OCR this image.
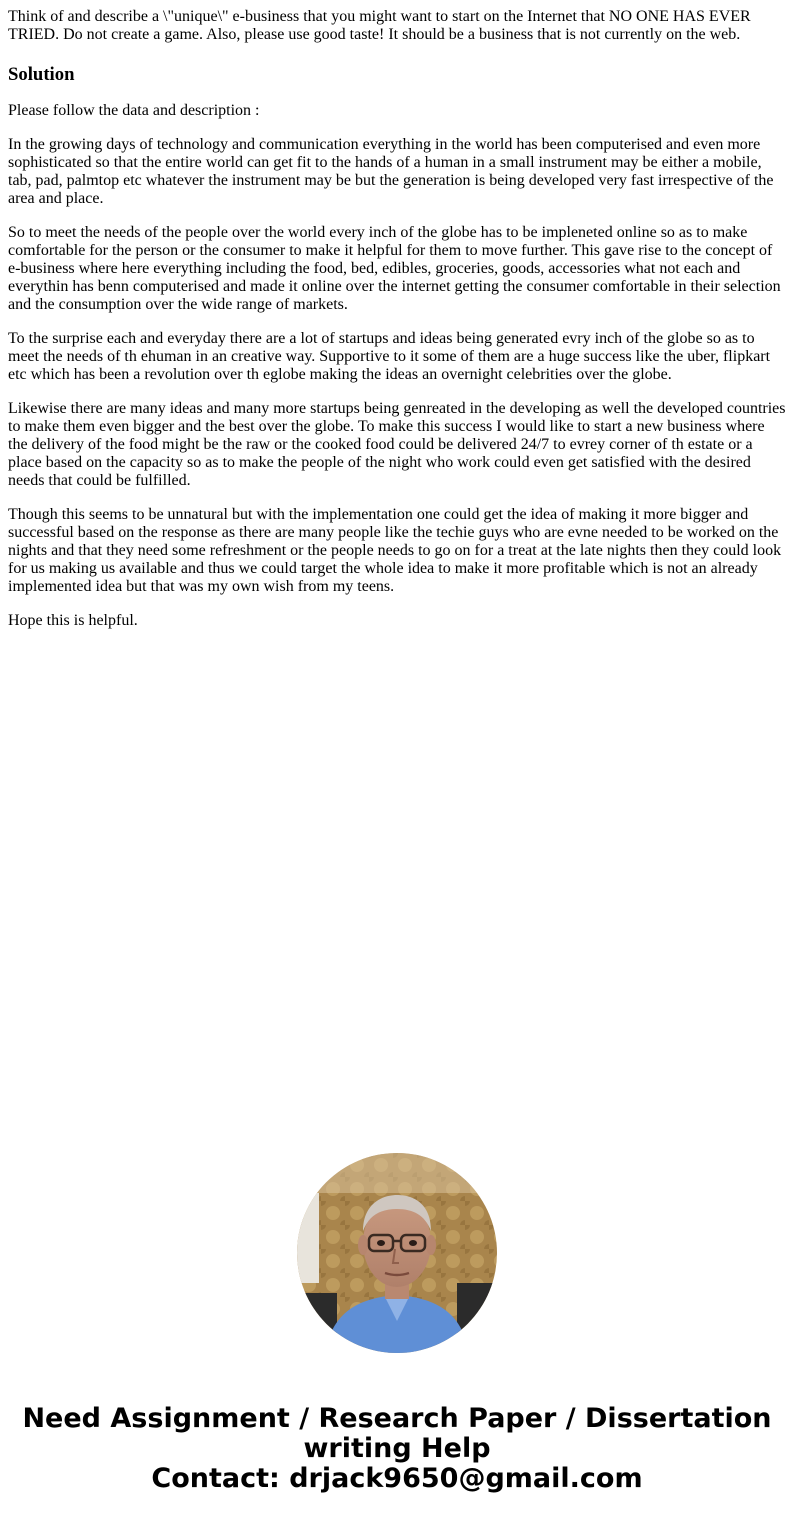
Think of and describe a \"unique\" e-business that you might want to start on the Internet that NO ONE HAS EVER TRIED. Do not create a game. Also, please use good taste! It should be a business that is not currently on the web.
Solution

Please follow the data and description :

In the growing days of technology and communication everything in the world has been computerised and even more sophisticated so that the entire world can get fit to the hands of a human in a small instrument may be either a mobile, tab, pad, palmtop etc whatever the instrument may be but the generation is being developed very fast irrespective of the area and place.

So to meet the needs of the people over the world every inch of the globe has to be impleneted online so as to make comfortable for the person or the consumer to make it helpful for them to move further. This gave rise to the concept of e-business where here everything including the food, bed, edibles, groceries, goods, accessories what not each and everythin has benn computerised and made it online over the internet getting the consumer comfortable in their selection and the consumption over the wide range of markets.

To the surprise each and everyday there are a lot of startups and ideas being generated evry inch of the globe so as to meet the needs of th ehuman in an creative way. Supportive to it some of them are a huge success like the uber, flipkart etc which has been a revolution over th eglobe making the ideas an overnight celebrities over the globe.

Likewise there are many ideas and many more startups being genreated in the developing as well the developed countries to make them even bigger and the best over the globe. To make this success I would like to start a new business where the delivery of the food might be the raw or the cooked food could be delivered 24/7 to evrey corner of th estate or a place based on the capacity so as to make the people of the night who work could even get satisfied with the desired needs that could be fulfilled.

Though this seems to be unnatural but with the implementation one could get the idea of making it more bigger and successful based on the response as there are many people like the techie guys who are evne needed to be worked on the nights and that they need some refreshment or the people needs to go on for a treat at the late nights then they could look for us making us available and thus we could target the whole idea to make it more profitable which is not an already implemented idea but that was my own wish from my teens.

Hope this is helpful.

Need Assignment / Research Paper / Dissertation
writing Help
Contact: drjack9650@gmail.com
